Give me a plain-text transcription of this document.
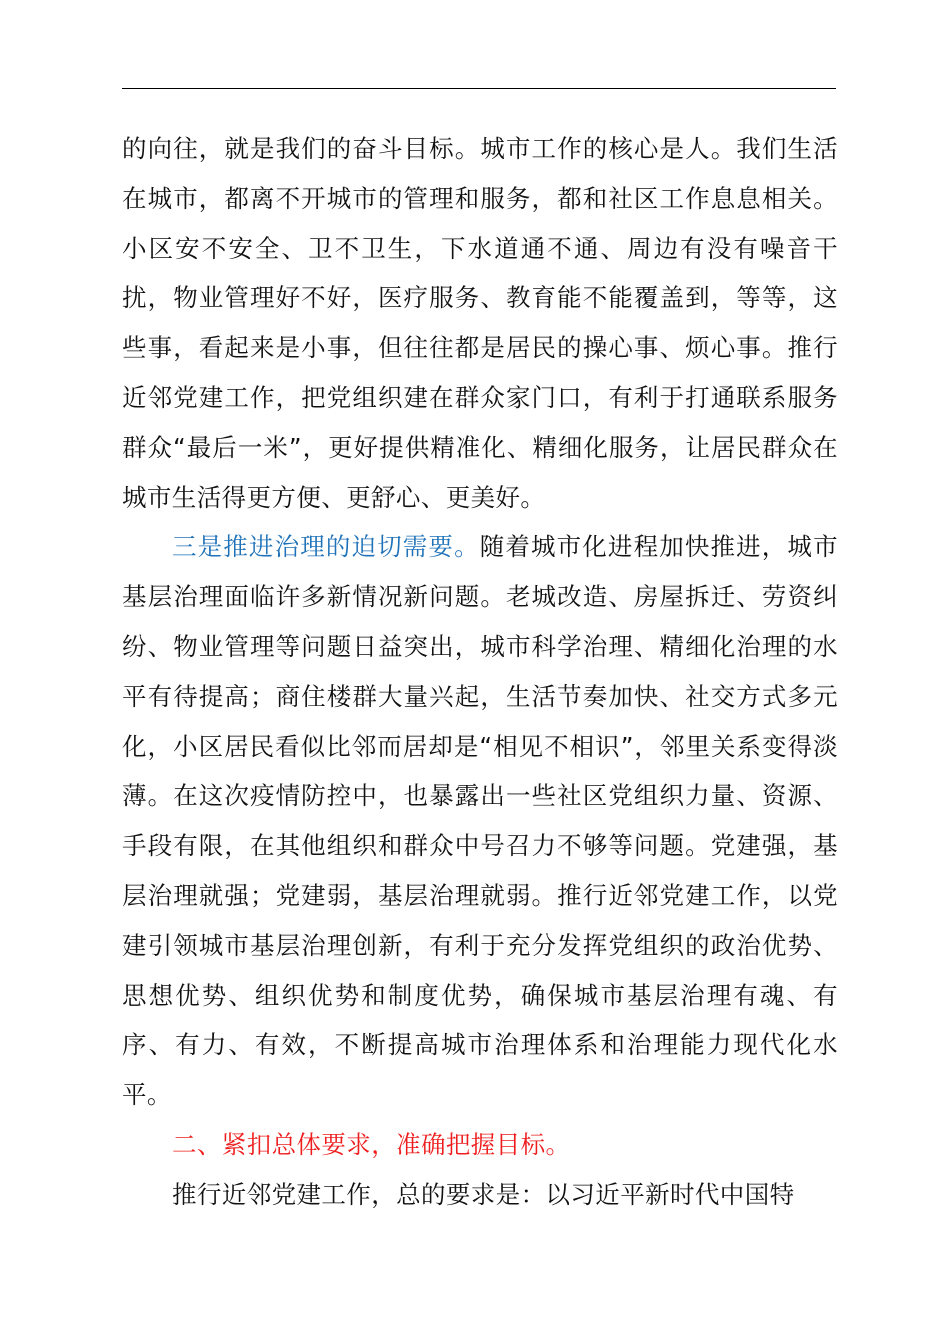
的向往，就是我们的奋斗目标。城市工作的核心是人。我们生活在城市，都离不开城市的管理和服务，都和社区工作息息相关。小区安不安全、卫不卫生，下水道通不通、周边有没有噪音干扰，物业管理好不好，医疗服务、教育能不能覆盖到，等等，这些事，看起来是小事，但往往都是居民的操心事、烦心事。推行近邻党建工作，把党组织建在群众家门口，有利于打通联系服务群众“最后一米”，更好提供精准化、精细化服务，让居民群众在城市生活得更方便、更舒心、更美好。

三是推进治理的迫切需要。随着城市化进程加快推进，城市基层治理面临许多新情况新问题。老城改造、房屋拆迁、劳资纠纷、物业管理等问题日益突出，城市科学治理、精细化治理的水平有待提高；商住楼群大量兴起，生活节奏加快、社交方式多元化，小区居民看似比邻而居却是“相见不相识”，邻里关系变得淡薄。在这次疫情防控中，也暴露出一些社区党组织力量、资源、手段有限，在其他组织和群众中号召力不够等问题。党建强，基层治理就强；党建弱，基层治理就弱。推行近邻党建工作，以党建引领城市基层治理创新，有利于充分发挥党组织的政治优势、思想优势、组织优势和制度优势，确保城市基层治理有魂、有序、有力、有效，不断提高城市治理体系和治理能力现代化水平。

二、紧扣总体要求，准确把握目标。

推行近邻党建工作，总的要求是：以习近平新时代中国特
